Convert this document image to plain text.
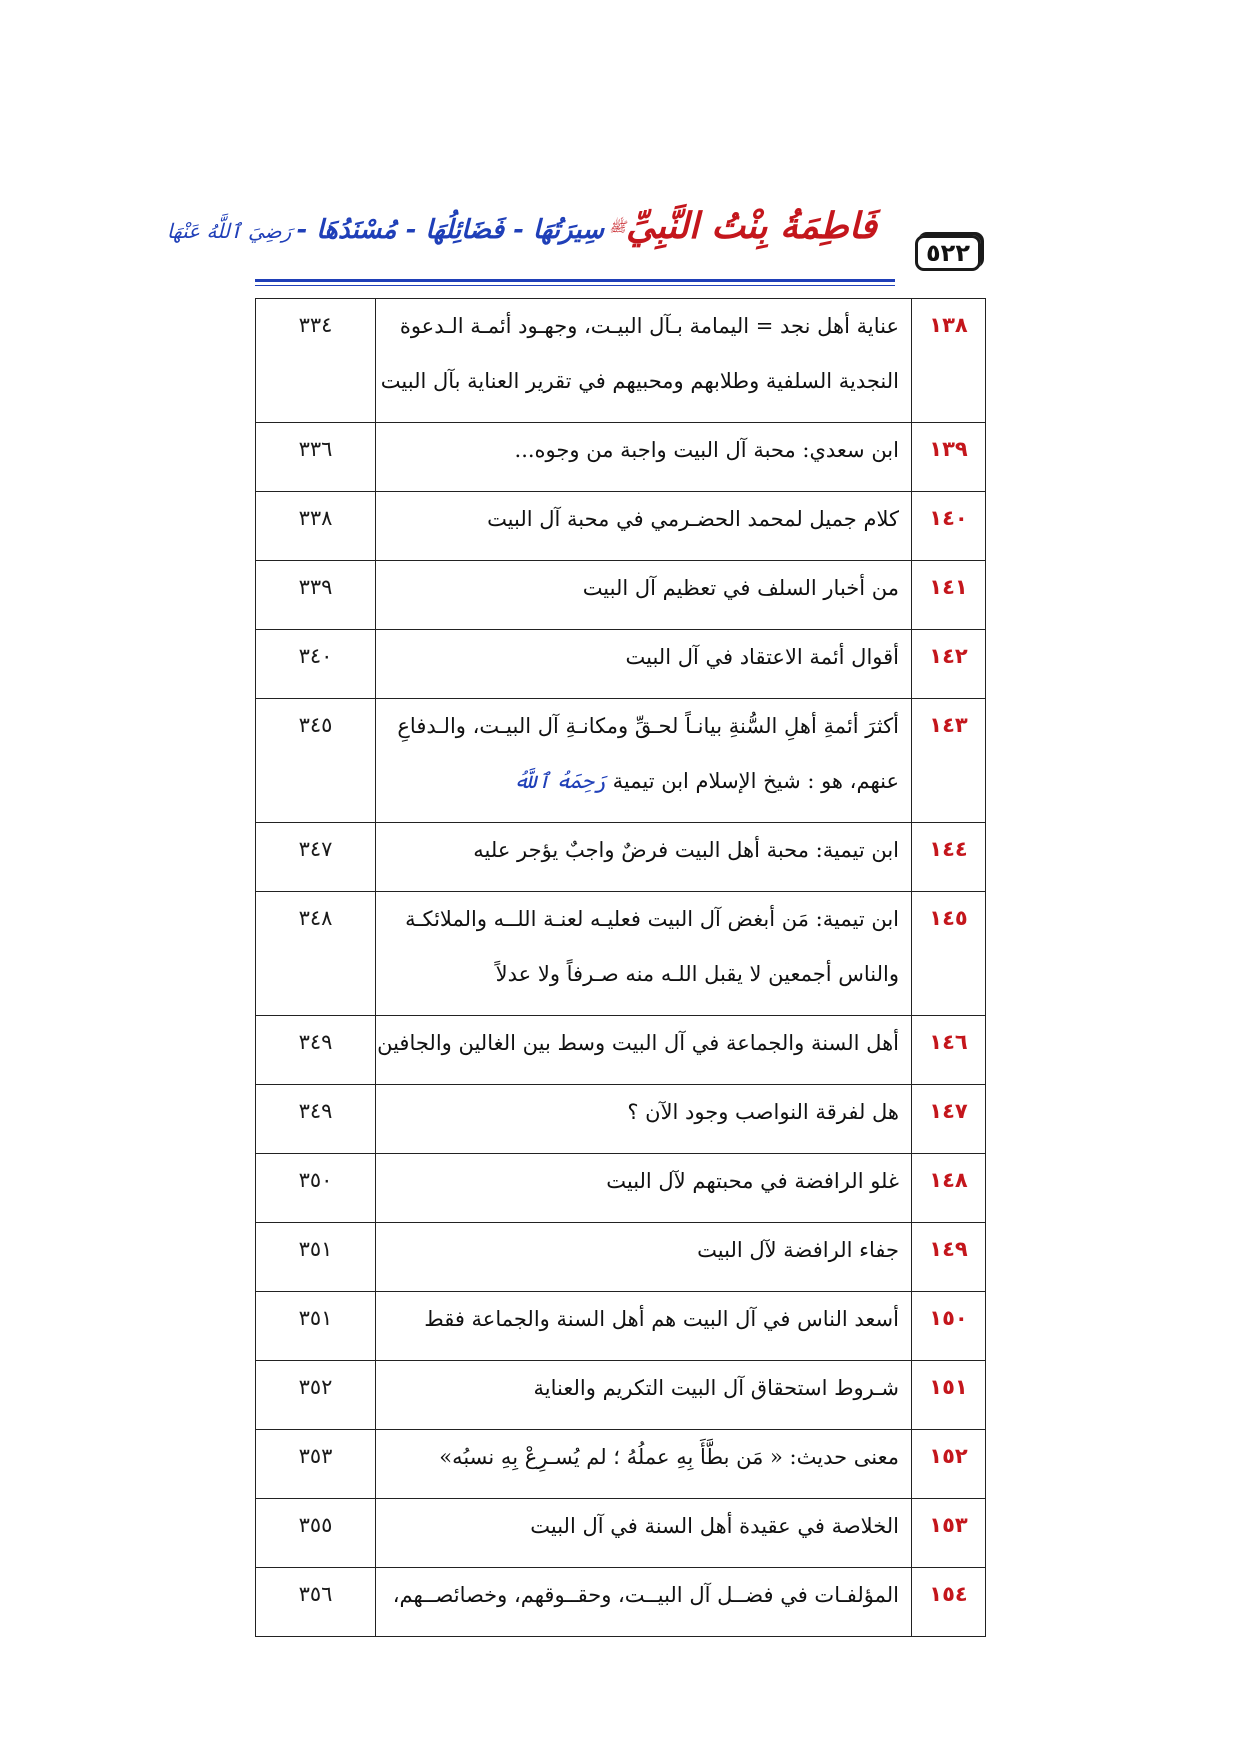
فَاطِمَةُ بِنْتُ النَّبِيِّﷺ سِيرَتُهَا - فَضَائِلُهَا - مُسْنَدُهَا - رَضِيَ ٱللَّهُ عَنْهَا
٥٢٢
١٣٨	عناية أهل نجد = اليمامة بـآل البيـت، وجهـود أئمـة الـدعوة
النجدية السلفية وطلابهم ومحبيهم في تقرير العناية بآل البيت	٣٣٤
١٣٩	ابن سعدي: محبة آل البيت واجبة من وجوه...	٣٣٦
١٤٠	كلام جميل لمحمد الحضـرمي في محبة آل البيت	٣٣٨
١٤١	من أخبار السلف في تعظيم آل البيت	٣٣٩
١٤٢	أقوال أئمة الاعتقاد في آل البيت	٣٤٠
١٤٣	أكثرَ أئمةِ أهلِ السُّنةِ بيانـاً لحـقِّ ومكانـةِ آل البيـت، والـدفاعِ
عنهم، هو : شيخ الإسلام ابن تيمية رَحِمَهُ ٱللَّهُ	٣٤٥
١٤٤	ابن تيمية: محبة أهل البيت فرضٌ واجبٌ يؤجر عليه	٣٤٧
١٤٥	ابن تيمية: مَن أبغض آل البيت فعليـه لعنـة اللــه والملائكـة
والناس أجمعين لا يقبل اللـه منه صـرفاً ولا عدلاً	٣٤٨
١٤٦	أهل السنة والجماعة في آل البيت وسط بين الغالين والجافين	٣٤٩
١٤٧	هل لفرقة النواصب وجود الآن ؟	٣٤٩
١٤٨	غلو الرافضة في محبتهم لآل البيت	٣٥٠
١٤٩	جفاء الرافضة لآل البيت	٣٥١
١٥٠	أسعد الناس في آل البيت هم أهل السنة والجماعة فقط	٣٥١
١٥١	شـروط استحقاق آل البيت التكريم والعناية	٣٥٢
١٥٢	معنى حديث: « مَن بطَّأَ بِهِ عملُهُ ؛ لم يُسـرِعْ بِهِ نسبُه»	٣٥٣
١٥٣	الخلاصة في عقيدة أهل السنة في آل البيت	٣٥٥
١٥٤	المؤلفـات في فضــل آل البيــت، وحقــوقهم، وخصائصــهم،	٣٥٦
